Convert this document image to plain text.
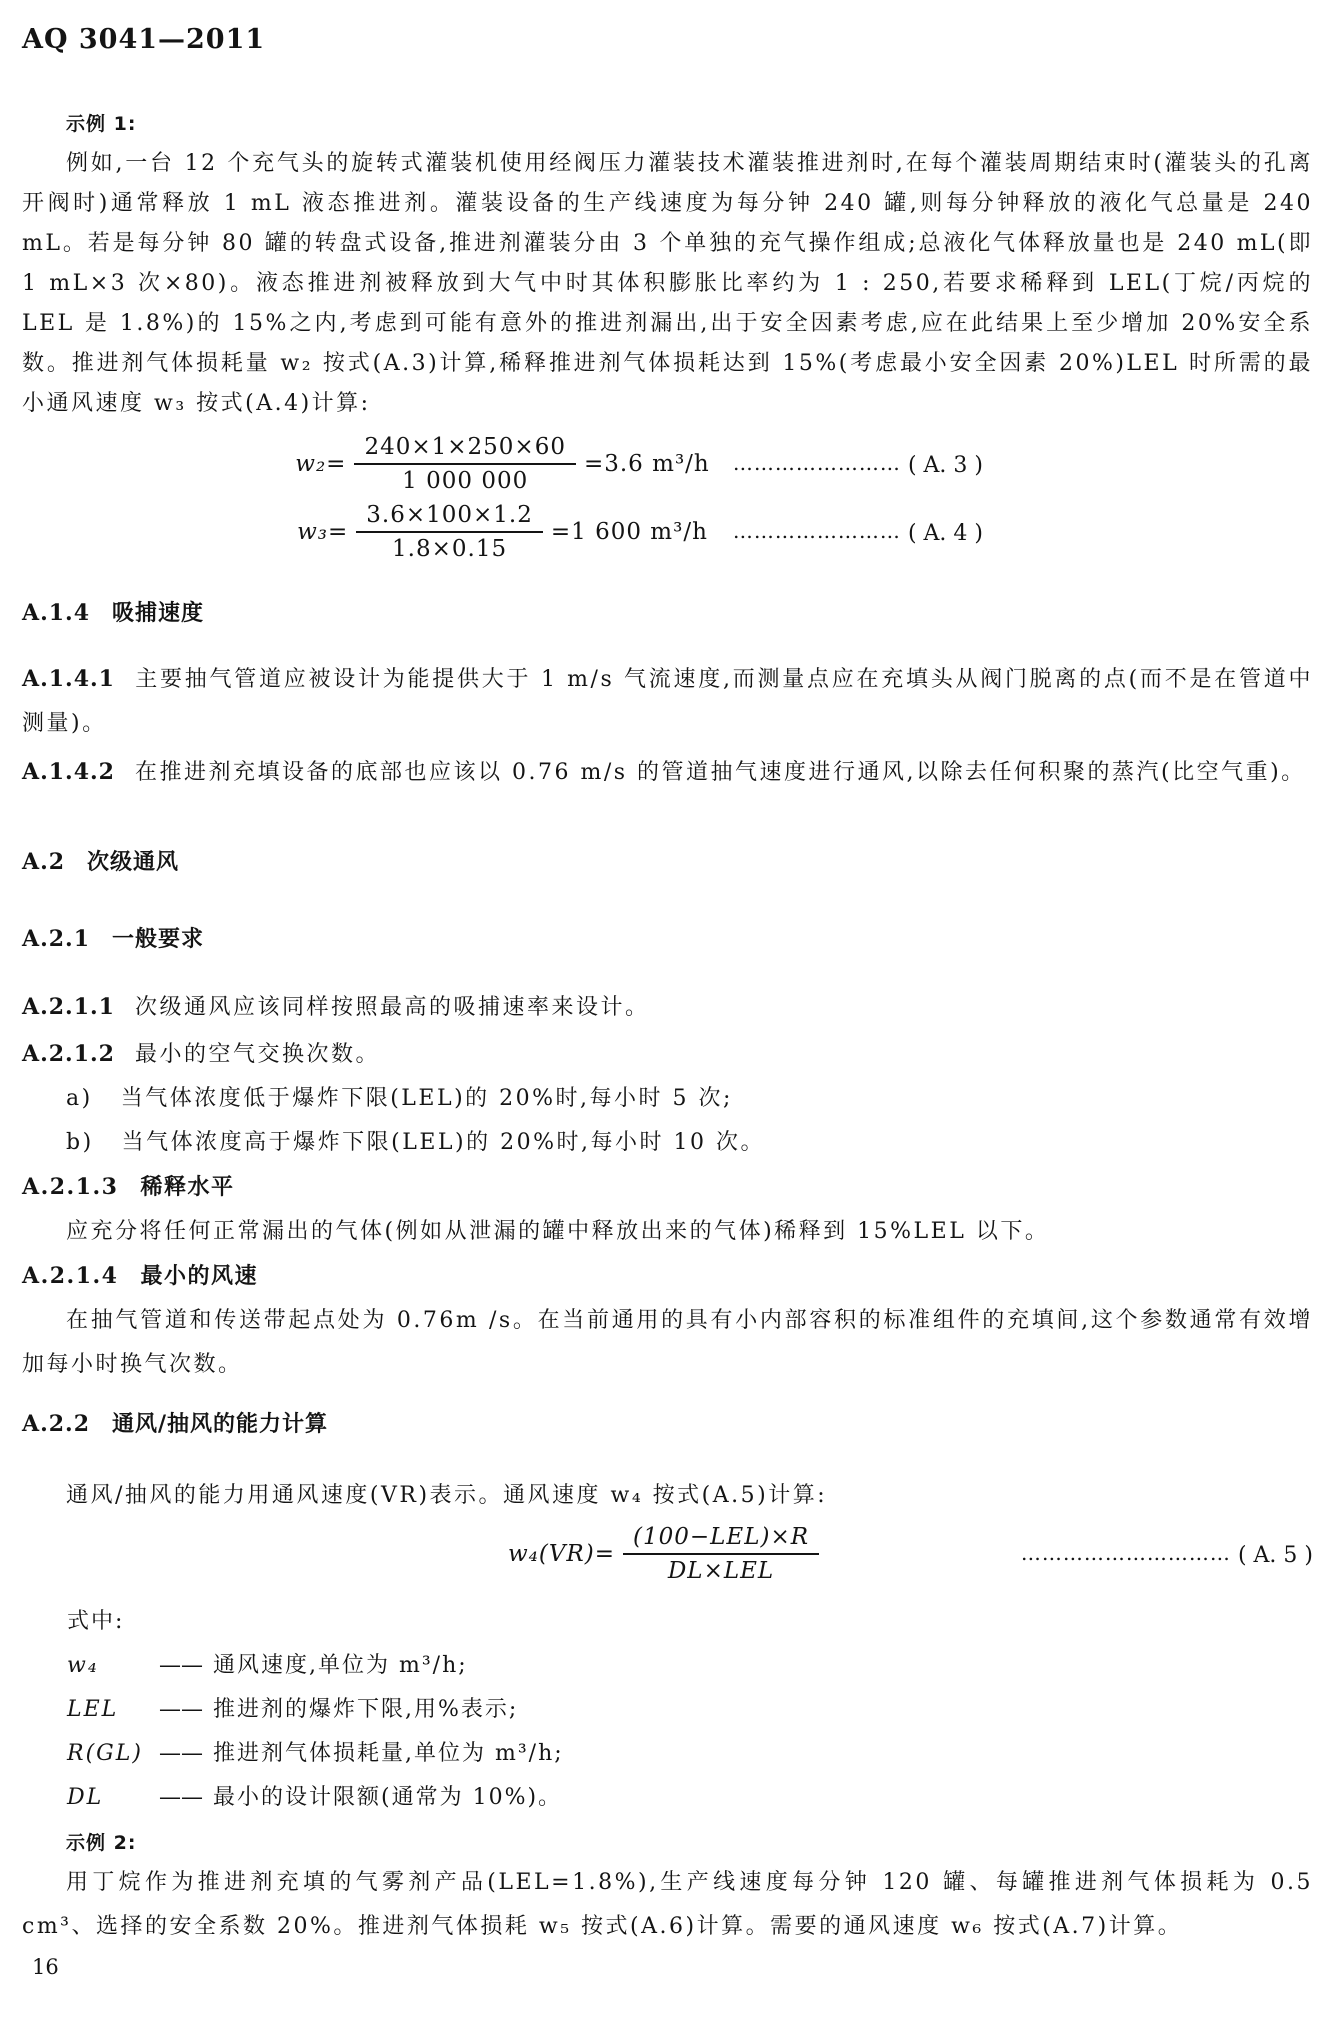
AQ 3041—2011
示例 1:
例如,一台 12 个充气头的旋转式灌装机使用经阀压力灌装技术灌装推进剂时,在每个灌装周期结束时(灌装头的孔离开阀时)通常释放 1 mL 液态推进剂。灌装设备的生产线速度为每分钟 240 罐,则每分钟释放的液化气总量是 240 mL。若是每分钟 80 罐的转盘式设备,推进剂灌装分由 3 个单独的充气操作组成;总液化气体释放量也是 240 mL(即 1 mL×3 次×80)。液态推进剂被释放到大气中时其体积膨胀比率约为 1 : 250,若要求稀释到 LEL(丁烷/丙烷的 LEL 是 1.8%)的 15%之内,考虑到可能有意外的推进剂漏出,出于安全因素考虑,应在此结果上至少增加 20%安全系数。推进剂气体损耗量 w₂ 按式(A.3)计算,稀释推进剂气体损耗达到 15%(考虑最小安全因素 20%)LEL 时所需的最小通风速度 w₃ 按式(A.4)计算:
$w_2= \frac{240\times 1\times 250\times 60}{1 000 000} =3.6$ m³/h	…………………… ( A. 3 )
$w_3= \frac{3.6\times 100\times 1.2}{1.8\times 0.15} =1$ 600 m³/h	…………………… ( A. 4 )
A.1.4 吸捕速度
A.1.4.1 主要抽气管道应被设计为能提供大于 1 m/s 气流速度,而测量点应在充填头从阀门脱离的点(而不是在管道中测量)。
A.1.4.2 在推进剂充填设备的底部也应该以 0.76 m/s 的管道抽气速度进行通风,以除去任何积聚的蒸汽(比空气重)。
A.2 次级通风
A.2.1 一般要求
A.2.1.1 次级通风应该同样按照最高的吸捕速率来设计。
A.2.1.2 最小的空气交换次数。
a) 当气体浓度低于爆炸下限(LEL)的 20%时,每小时 5 次;
b) 当气体浓度高于爆炸下限(LEL)的 20%时,每小时 10 次。
A.2.1.3 稀释水平
应充分将任何正常漏出的气体(例如从泄漏的罐中释放出来的气体)稀释到 15%LEL 以下。
A.2.1.4 最小的风速
在抽气管道和传送带起点处为 0.76m /s。在当前通用的具有小内部容积的标准组件的充填间,这个参数通常有效增加每小时换气次数。
A.2.2 通风/抽风的能力计算
通风/抽风的能力用通风速度(VR)表示。通风速度 w₄ 按式(A.5)计算:
$w_4(VR)= \frac{\text{(100−LEL)×R}}{\text{DL×LEL}}$	………………………… ( A. 5 )
式中:
w₄	—— 通风速度,单位为 m³/h;
LEL	—— 推进剂的爆炸下限,用%表示;
R(GL) —— 推进剂气体损耗量,单位为 m³/h;
DL	—— 最小的设计限额(通常为 10%)。
示例 2:
用丁烷作为推进剂充填的气雾剂产品(LEL=1.8%),生产线速度每分钟 120 罐、每罐推进剂气体损耗为 0.5 cm³、选择的安全系数 20%。推进剂气体损耗 w₅ 按式(A.6)计算。需要的通风速度 w₆ 按式(A.7)计算。
16
